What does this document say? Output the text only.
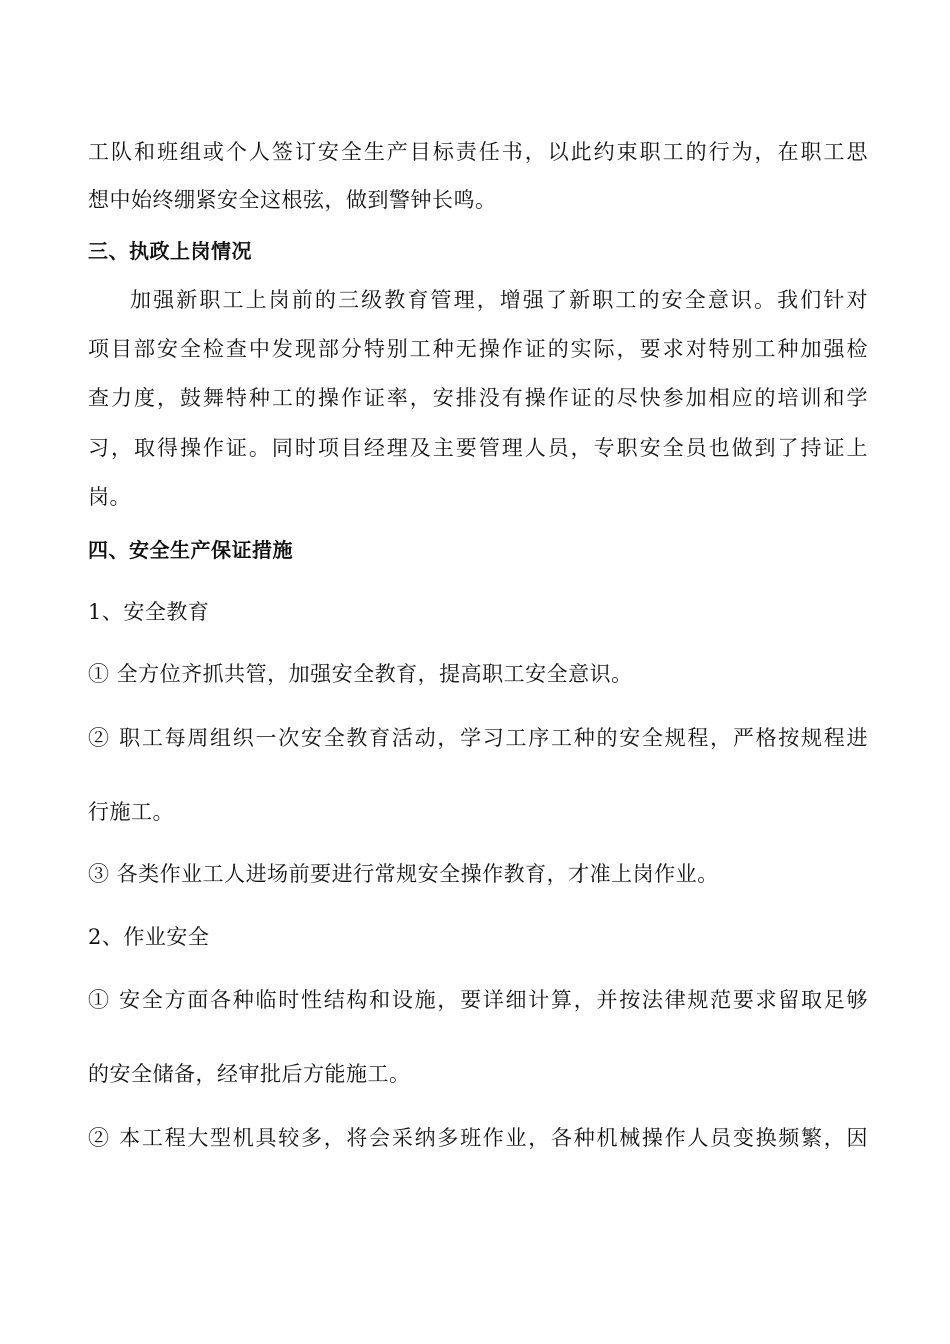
工队和班组或个人签订安全生产目标责任书，以此约束职工的行为，在职工思
想中始终绷紧安全这根弦，做到警钟长鸣。
三、执政上岗情况
加强新职工上岗前的三级教育管理，增强了新职工的安全意识。我们针对
项目部安全检查中发现部分特别工种无操作证的实际，要求对特别工种加强检
查力度，鼓舞特种工的操作证率，安排没有操作证的尽快参加相应的培训和学
习，取得操作证。同时项目经理及主要管理人员，专职安全员也做到了持证上
岗。
四、安全生产保证措施
1、安全教育
① 全方位齐抓共管，加强安全教育，提高职工安全意识。
② 职工每周组织一次安全教育活动，学习工序工种的安全规程，严格按规程进
行施工。
③ 各类作业工人进场前要进行常规安全操作教育，才准上岗作业。
2、作业安全
① 安全方面各种临时性结构和设施，要详细计算，并按法律规范要求留取足够
的安全储备，经审批后方能施工。
② 本工程大型机具较多，将会采纳多班作业，各种机械操作人员变换频繁，因
